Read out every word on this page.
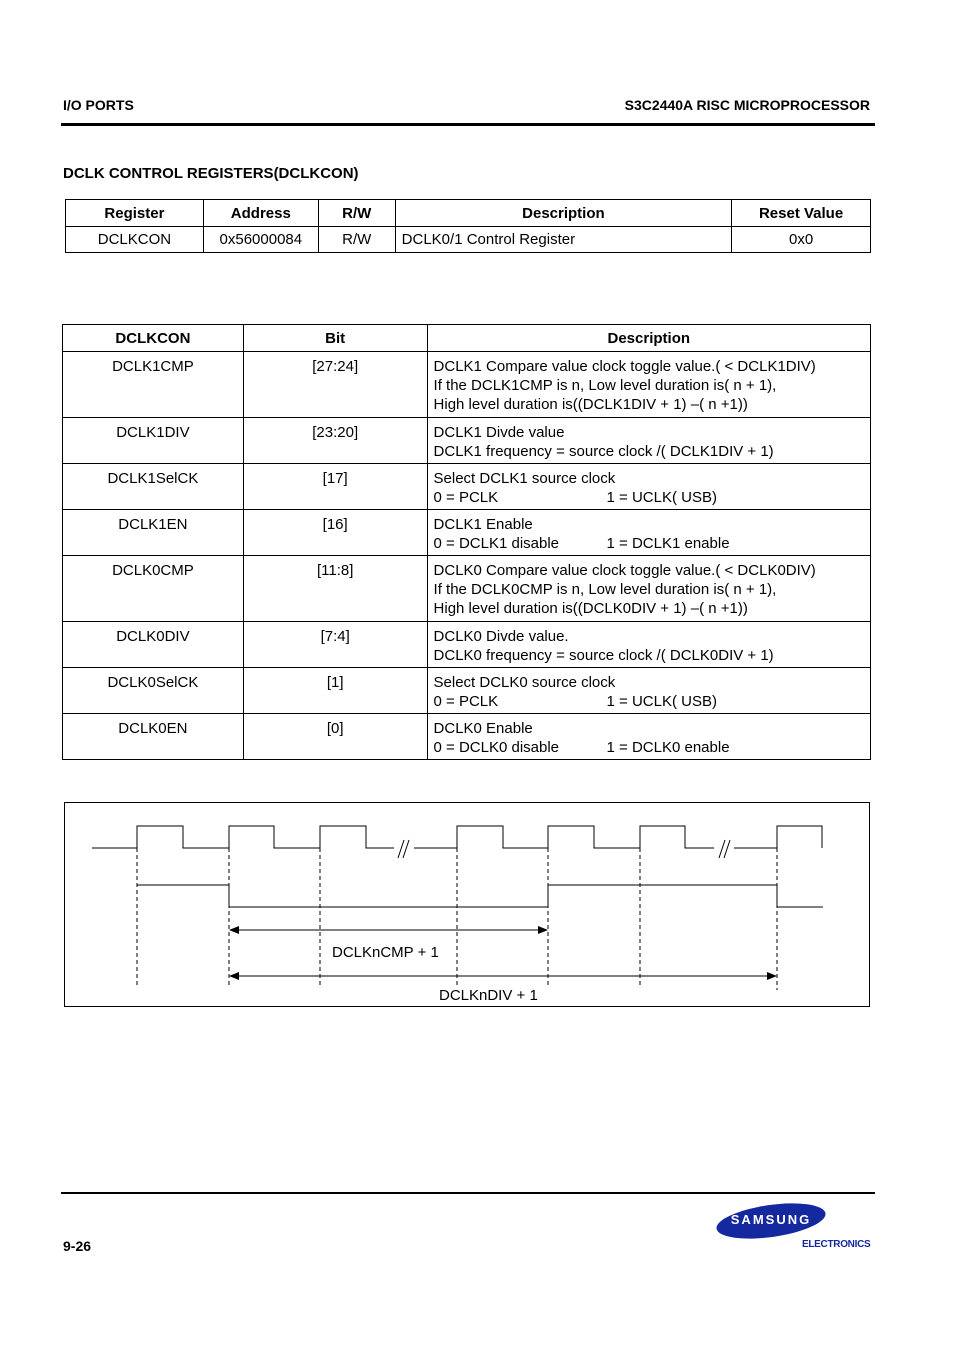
I/O PORTS	S3C2440A RISC MICROPROCESSOR
DCLK CONTROL REGISTERS(DCLKCON)
Register	Address	R/W	Description	Reset Value
DCLKCON	0x56000084	R/W	DCLK0/1 Control Register	0x0
DCLKCON	Bit	Description
DCLK1CMP	[27:24]	DCLK1 Compare value clock toggle value.( < DCLK1DIV)
If the DCLK1CMP is n, Low level duration is( n + 1),
High level duration is((DCLK1DIV + 1) –( n +1))

DCLK1DIV	[23:20]	DCLK1 Divde value
DCLK1 frequency = source clock /( DCLK1DIV + 1)

DCLK1SelCK	[17]	Select DCLK1 source clock
0 = PCLK 1 = UCLK( USB)

DCLK1EN	[16]	DCLK1 Enable
0 = DCLK1 disable 1 = DCLK1 enable

DCLK0CMP	[11:8]	DCLK0 Compare value clock toggle value.( < DCLK0DIV)
If the DCLK0CMP is n, Low level duration is( n + 1),
High level duration is((DCLK0DIV + 1) –( n +1))

DCLK0DIV	[7:4]	DCLK0 Divde value.
DCLK0 frequency = source clock /( DCLK0DIV + 1)

DCLK0SelCK	[1]	Select DCLK0 source clock
0 = PCLK 1 = UCLK( USB)

DCLK0EN	[0]	DCLK0 Enable
0 = DCLK0 disable 1 = DCLK0 enable
DCLKnCMP + 1
DCLKnDIV + 1
9-26
SAMSUNG
ELECTRONICS
